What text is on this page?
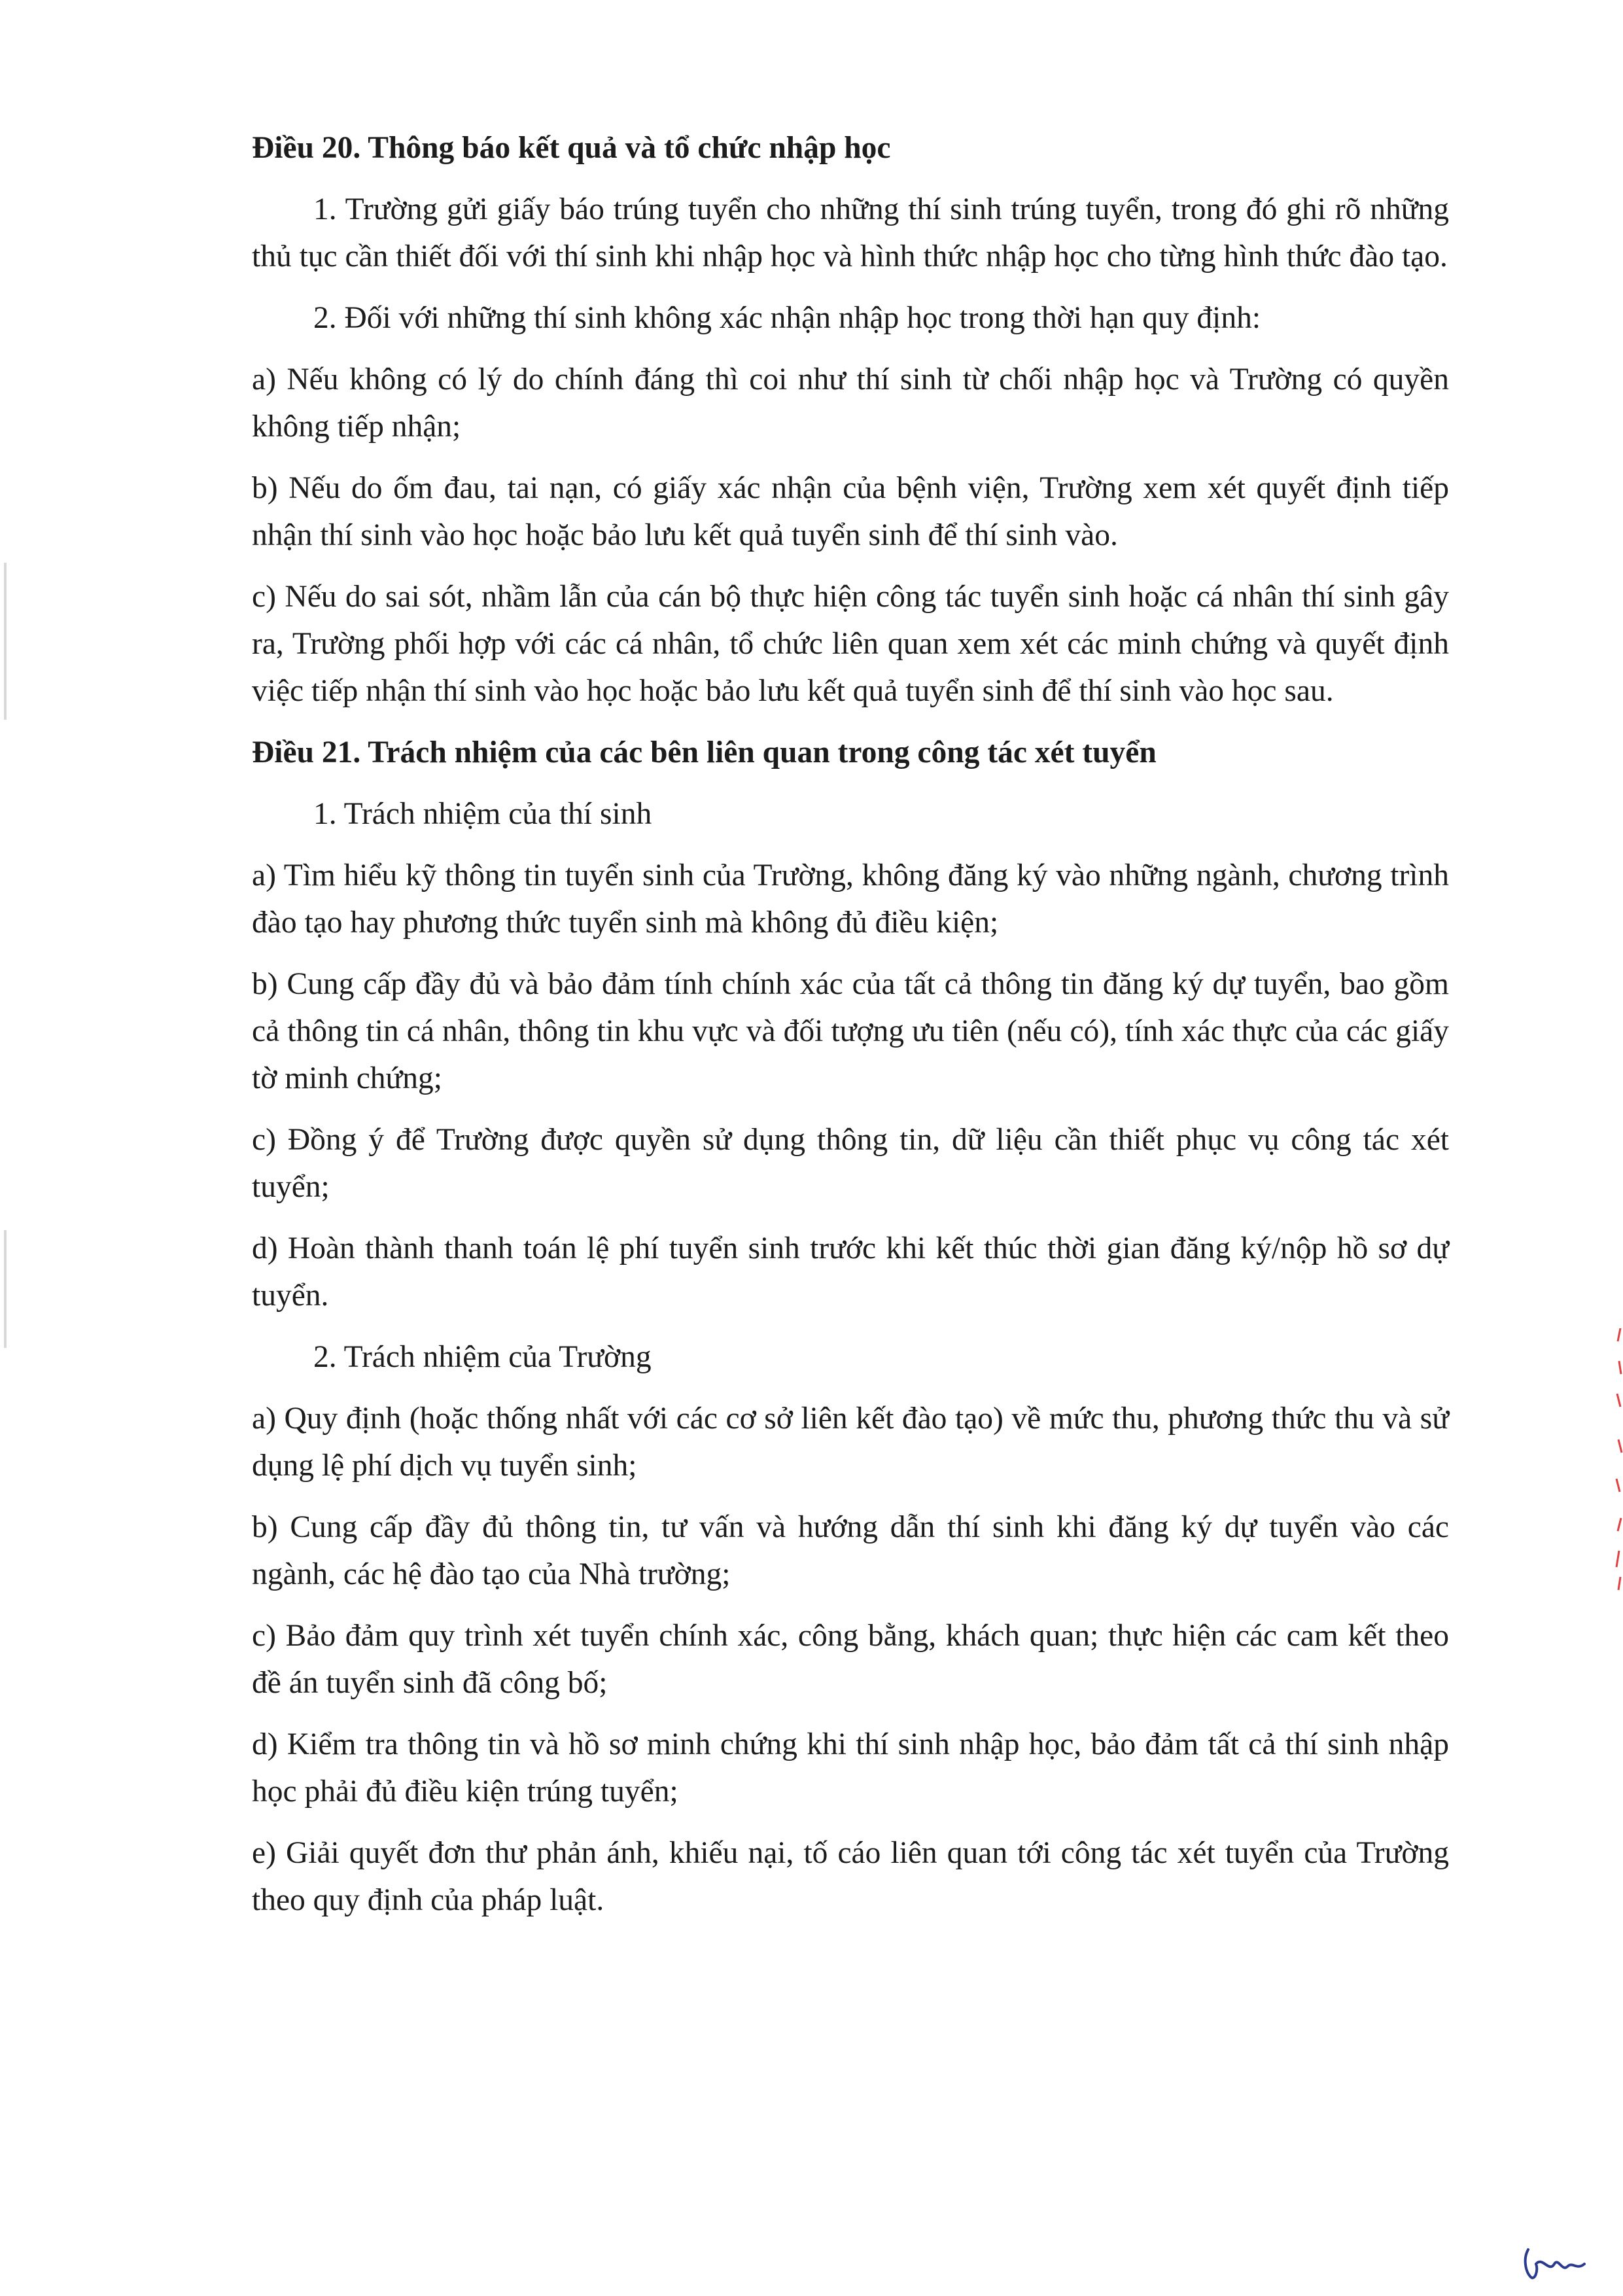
Điều 20. Thông báo kết quả và tổ chức nhập học

1. Trường gửi giấy báo trúng tuyển cho những thí sinh trúng tuyển, trong đó ghi rõ những thủ tục cần thiết đối với thí sinh khi nhập học và hình thức nhập học cho từng hình thức đào tạo.

2. Đối với những thí sinh không xác nhận nhập học trong thời hạn quy định:

a) Nếu không có lý do chính đáng thì coi như thí sinh từ chối nhập học và Trường có quyền không tiếp nhận;

b) Nếu do ốm đau, tai nạn, có giấy xác nhận của bệnh viện, Trường xem xét quyết định tiếp nhận thí sinh vào học hoặc bảo lưu kết quả tuyển sinh để thí sinh vào.

c) Nếu do sai sót, nhầm lẫn của cán bộ thực hiện công tác tuyển sinh hoặc cá nhân thí sinh gây ra, Trường phối hợp với các cá nhân, tổ chức liên quan xem xét các minh chứng và quyết định việc tiếp nhận thí sinh vào học hoặc bảo lưu kết quả tuyển sinh để thí sinh vào học sau.

Điều 21. Trách nhiệm của các bên liên quan trong công tác xét tuyển

1. Trách nhiệm của thí sinh

a) Tìm hiểu kỹ thông tin tuyển sinh của Trường, không đăng ký vào những ngành, chương trình đào tạo hay phương thức tuyển sinh mà không đủ điều kiện;

b) Cung cấp đầy đủ và bảo đảm tính chính xác của tất cả thông tin đăng ký dự tuyển, bao gồm cả thông tin cá nhân, thông tin khu vực và đối tượng ưu tiên (nếu có), tính xác thực của các giấy tờ minh chứng;

c) Đồng ý để Trường được quyền sử dụng thông tin, dữ liệu cần thiết phục vụ công tác xét tuyển;

d) Hoàn thành thanh toán lệ phí tuyển sinh trước khi kết thúc thời gian đăng ký/nộp hồ sơ dự tuyển.

2. Trách nhiệm của Trường

a) Quy định (hoặc thống nhất với các cơ sở liên kết đào tạo) về mức thu, phương thức thu và sử dụng lệ phí dịch vụ tuyển sinh;

b) Cung cấp đầy đủ thông tin, tư vấn và hướng dẫn thí sinh khi đăng ký dự tuyển vào các ngành, các hệ đào tạo của Nhà trường;

c) Bảo đảm quy trình xét tuyển chính xác, công bằng, khách quan; thực hiện các cam kết theo đề án tuyển sinh đã công bố;

d) Kiểm tra thông tin và hồ sơ minh chứng khi thí sinh nhập học, bảo đảm tất cả thí sinh nhập học phải đủ điều kiện trúng tuyển;

e) Giải quyết đơn thư phản ánh, khiếu nại, tố cáo liên quan tới công tác xét tuyển của Trường theo quy định của pháp luật.
